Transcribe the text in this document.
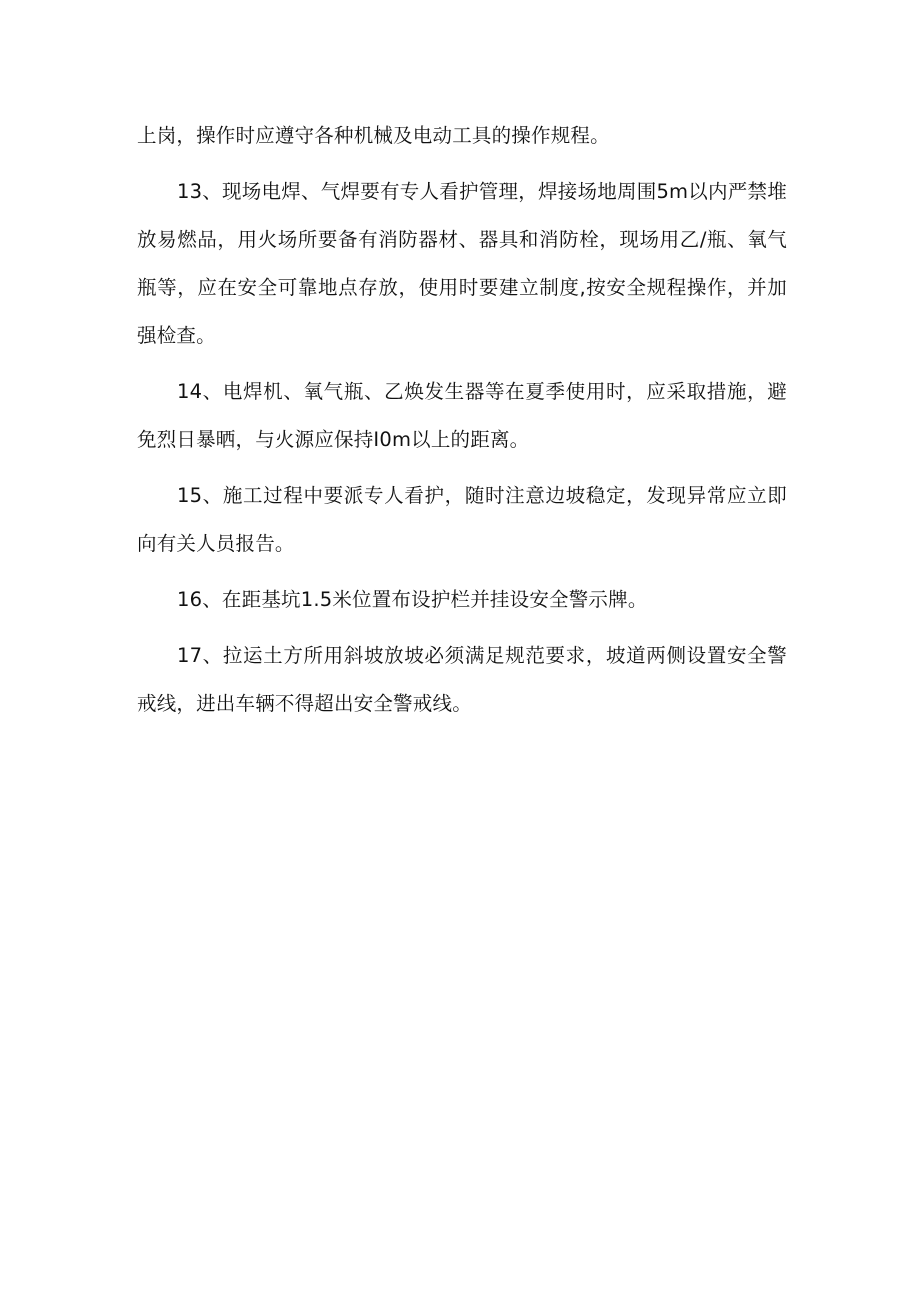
上岗，操作时应遵守各种机械及电动工具的操作规程。

13、现场电焊、气焊要有专人看护管理，焊接场地周围5m以内严禁堆放易燃品，用火场所要备有消防器材、器具和消防栓，现场用乙/瓶、氧气瓶等，应在安全可靠地点存放，使用时要建立制度,按安全规程操作，并加强检查。

14、电焊机、氧气瓶、乙焕发生器等在夏季使用时，应采取措施，避免烈日暴晒，与火源应保持I0m以上的距离。

15、施工过程中要派专人看护，随时注意边坡稳定，发现异常应立即向有关人员报告。

16、在距基坑1.5米位置布设护栏并挂设安全警示牌。

17、拉运土方所用斜坡放坡必须满足规范要求，坡道两侧设置安全警戒线，进出车辆不得超出安全警戒线。
